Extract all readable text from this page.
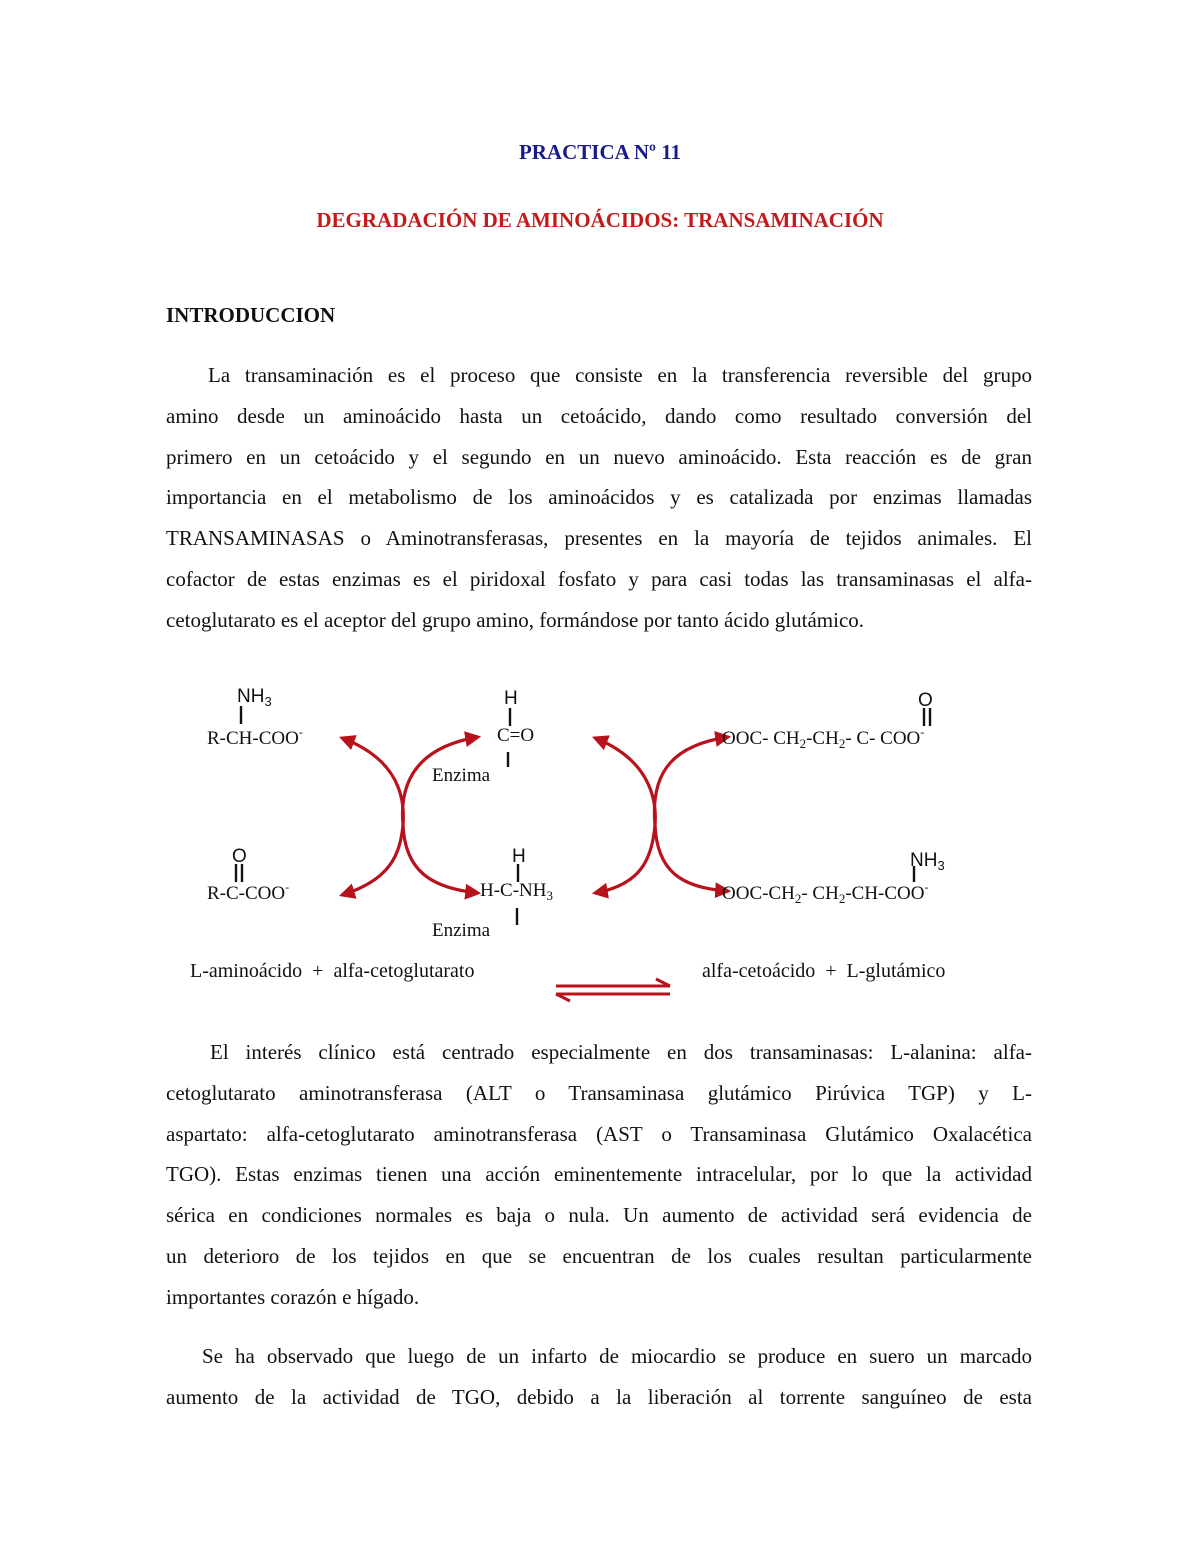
PRACTICA Nº 11
DEGRADACIÓN DE AMINOÁCIDOS: TRANSAMINACIÓN
INTRODUCCION
La transaminación es el proceso que consiste en la transferencia reversible del grupo
amino desde un aminoácido hasta un cetoácido, dando como resultado conversión del
primero en un cetoácido y el segundo en un nuevo aminoácido. Esta reacción es de gran
importancia en el metabolismo de los aminoácidos y es catalizada por enzimas llamadas
TRANSAMINASAS o Aminotransferasas, presentes en la mayoría de tejidos animales. El
cofactor de estas enzimas es el piridoxal fosfato y para casi todas las transaminasas el alfa-
cetoglutarato es el aceptor del grupo amino, formándose por tanto ácido glutámico.
$NH_3$
R-CH-COO-
H
C=O
Enzima
O
OOC- $CH_2-CH_2-$ C- COO-
O
R-C-COO-
H
$H-C-NH_3$
Enzima
$NH_3$
OOC-$CH_2-$ $CH_2-CH-COO^-$
L-aminoácido  +  alfa-cetoglutarato	alfa-cetoácido  +  L-glutámico
El interés clínico está centrado especialmente en dos transaminasas: L-alanina: alfa-
cetoglutarato aminotransferasa (ALT o Transaminasa glutámico Pirúvica TGP) y L-
aspartato: alfa-cetoglutarato aminotransferasa (AST o Transaminasa Glutámico Oxalacética
TGO). Estas enzimas tienen una acción eminentemente intracelular, por lo que la actividad
sérica en condiciones normales es baja o nula. Un aumento de actividad será evidencia de
un deterioro de los tejidos en que se encuentran de los cuales resultan particularmente
importantes corazón e hígado.
Se ha observado que luego de un infarto de miocardio se produce en suero un marcado
aumento de la actividad de TGO, debido a la liberación al torrente sanguíneo de esta
